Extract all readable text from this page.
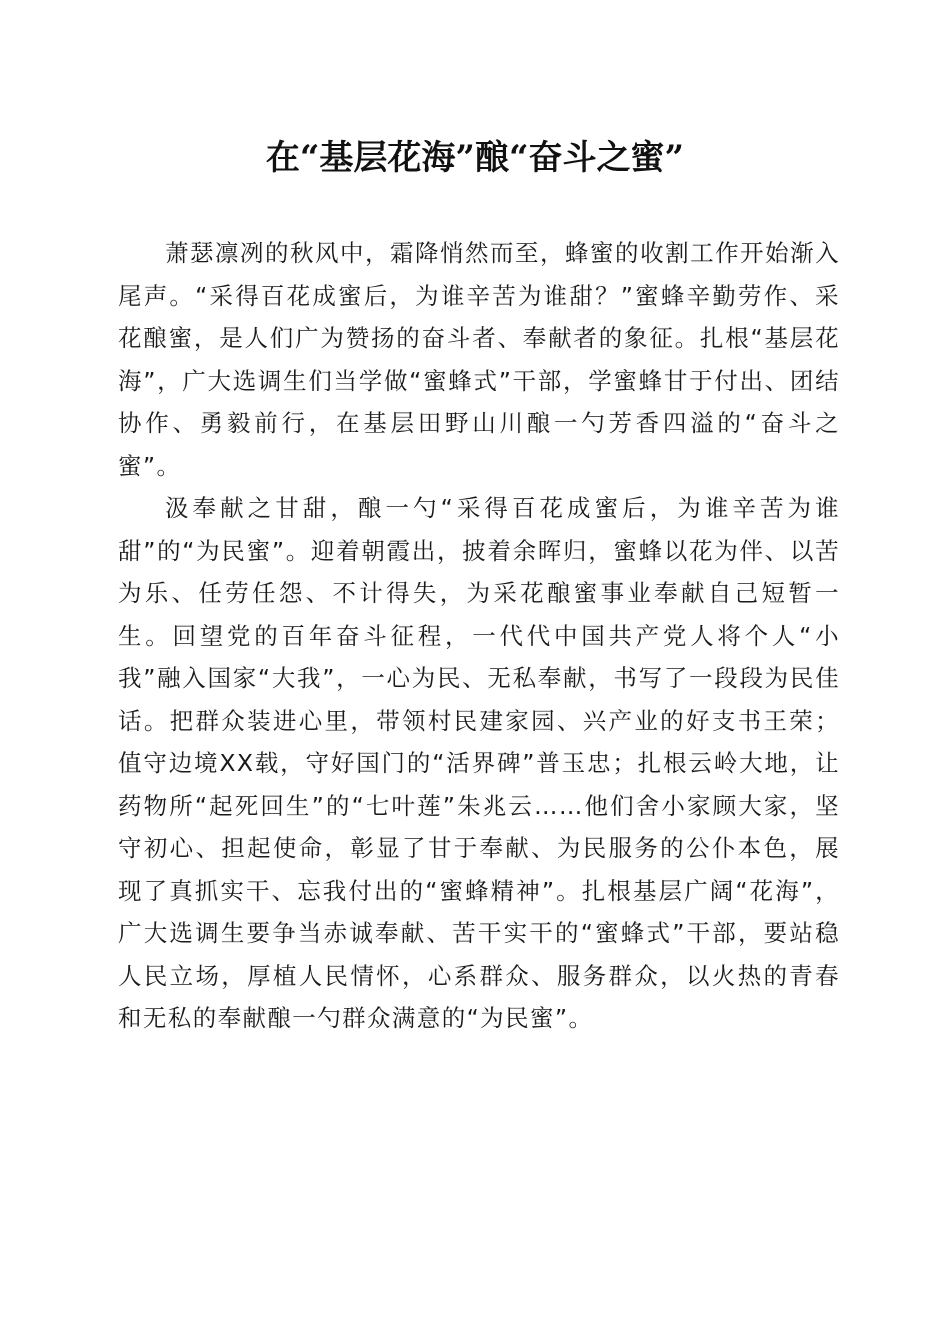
在“基层花海”酿“奋斗之蜜”

萧瑟凛冽的秋风中，霜降悄然而至，蜂蜜的收割工作开始渐入尾声。“采得百花成蜜后，为谁辛苦为谁甜？”蜜蜂辛勤劳作、采花酿蜜，是人们广为赞扬的奋斗者、奉献者的象征。扎根“基层花海”，广大选调生们当学做“蜜蜂式”干部，学蜜蜂甘于付出、团结协作、勇毅前行，在基层田野山川酿一勺芳香四溢的“奋斗之蜜”。

汲奉献之甘甜，酿一勺“采得百花成蜜后，为谁辛苦为谁甜”的“为民蜜”。迎着朝霞出，披着余晖归，蜜蜂以花为伴、以苦为乐、任劳任怨、不计得失，为采花酿蜜事业奉献自己短暂一生。回望党的百年奋斗征程，一代代中国共产党人将个人“小我”融入国家“大我”，一心为民、无私奉献，书写了一段段为民佳话。把群众装进心里，带领村民建家园、兴产业的好支书王荣；值守边境XX载，守好国门的“活界碑”普玉忠；扎根云岭大地，让药物所“起死回生”的“七叶莲”朱兆云……他们舍小家顾大家，坚守初心、担起使命，彰显了甘于奉献、为民服务的公仆本色，展现了真抓实干、忘我付出的“蜜蜂精神”。扎根基层广阔“花海”，广大选调生要争当赤诚奉献、苦干实干的“蜜蜂式”干部，要站稳人民立场，厚植人民情怀，心系群众、服务群众，以火热的青春和无私的奉献酿一勺群众满意的“为民蜜”。
